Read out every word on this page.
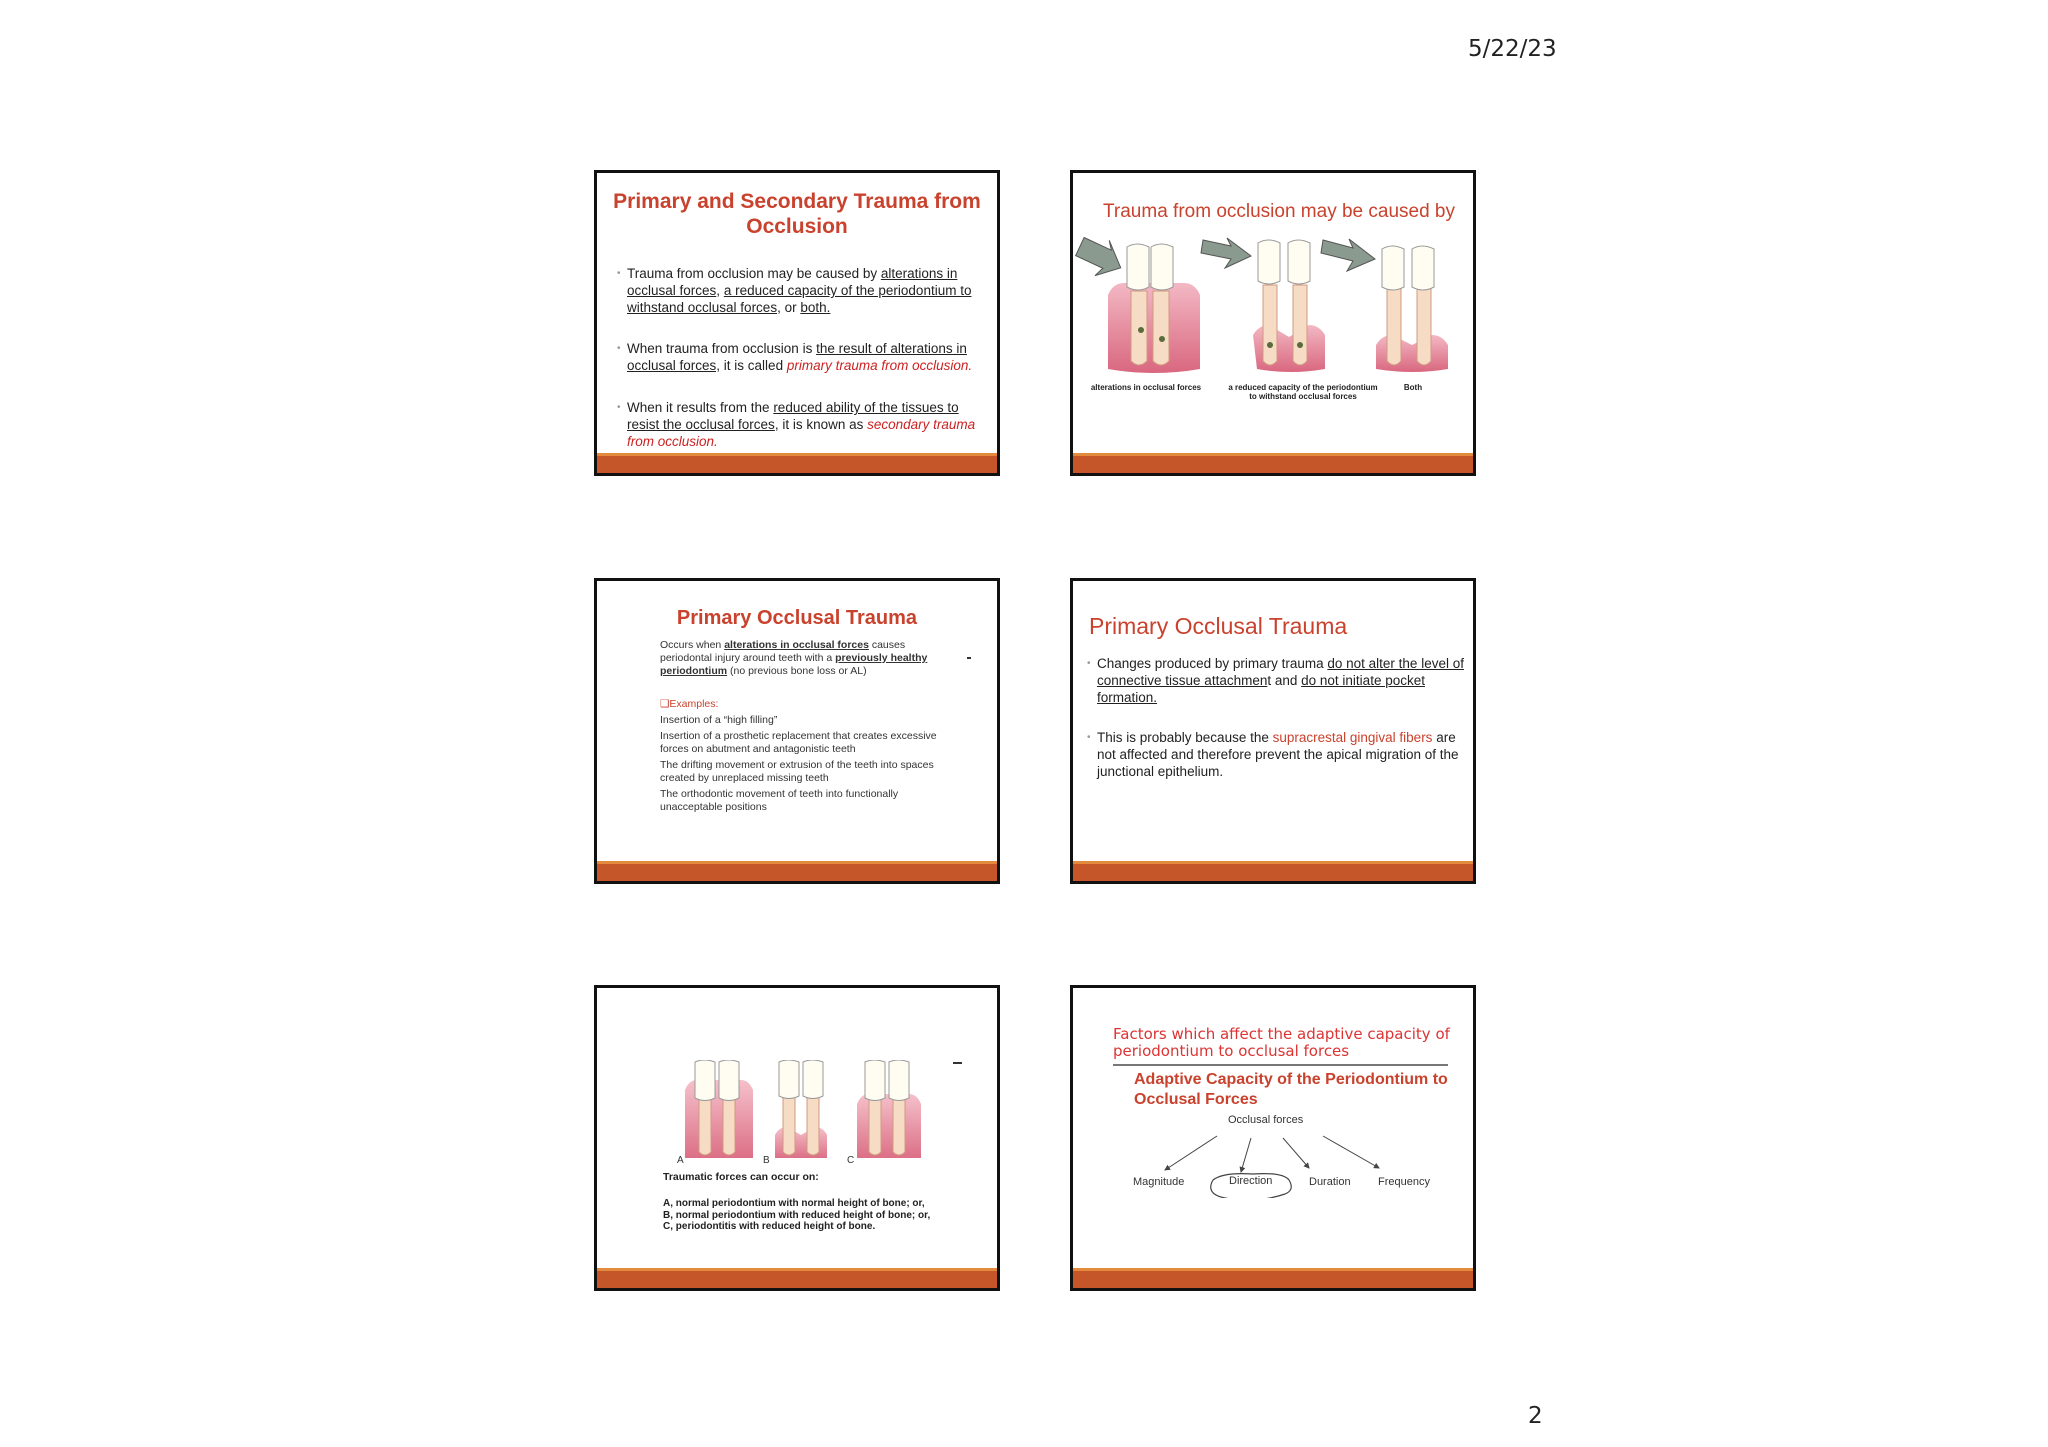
5/22/23
Primary and Secondary Trauma from Occlusion
• Trauma from occlusion may be caused by alterations in occlusal forces, a reduced capacity of the periodontium to withstand occlusal forces, or both.
• When trauma from occlusion is the result of alterations in occlusal forces, it is called primary trauma from occlusion.
• When it results from the reduced ability of the tissues to resist the occlusal forces, it is known as secondary trauma from occlusion.
Trauma from occlusion may be caused by
alterations in occlusal forces	a reduced capacity of the periodontium
to withstand occlusal forces
Both
Primary Occlusal Trauma
Occurs when alterations in occlusal forces causes periodontal injury around teeth with a previously healthy periodontium (no previous bone loss or AL)
❑Examples:
Insertion of a “high filling”
Insertion of a prosthetic replacement that creates excessive forces on abutment and antagonistic teeth
The drifting movement or extrusion of the teeth into spaces created by unreplaced missing teeth
The orthodontic movement of teeth into functionally unacceptable positions
Primary Occlusal Trauma
• Changes produced by primary trauma do not alter the level of connective tissue attachment and do not initiate pocket formation.
• This is probably because the supracrestal gingival fibers are not affected and therefore prevent the apical migration of the junctional epithelium.
A	B	C
Traumatic forces can occur on:
A, normal periodontium with normal height of bone; or,
B, normal periodontium with reduced height of bone; or,
C, periodontitis with reduced height of bone.
Factors which affect the adaptive capacity of periodontium to occlusal forces
Adaptive Capacity of the Periodontium to Occlusal Forces
Occlusal forces
Magnitude	Direction	Duration Frequency
2
